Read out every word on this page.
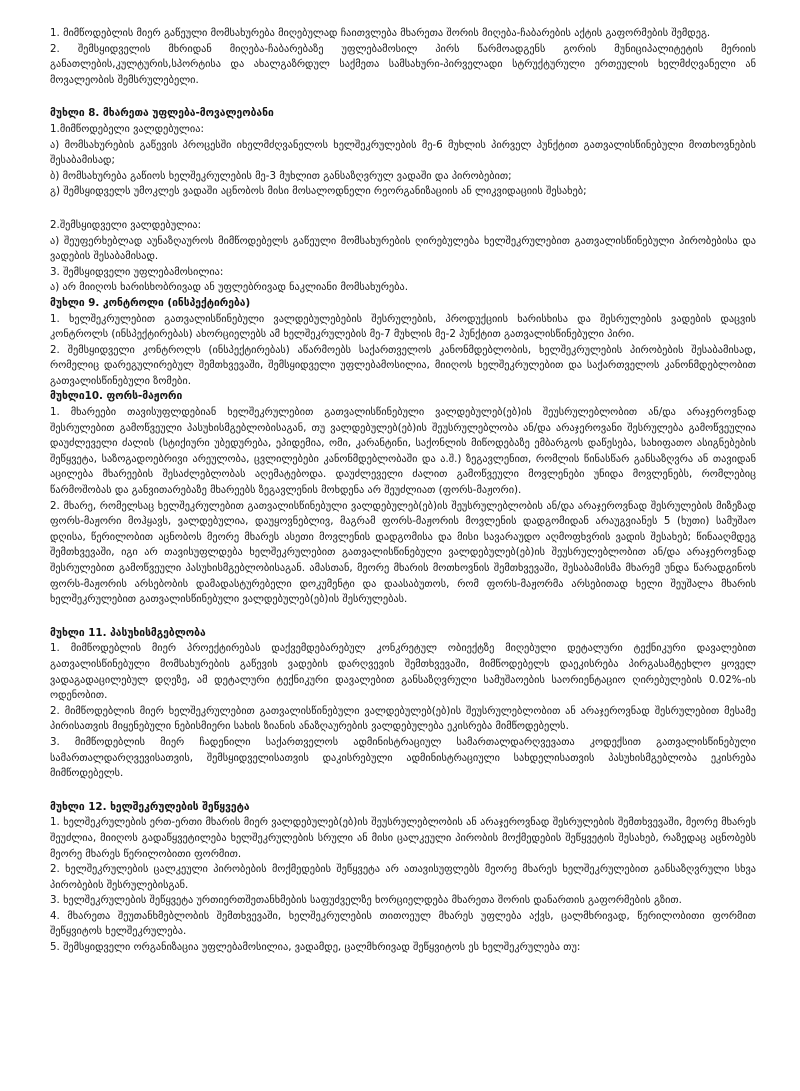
1. მიმწოდებლის მიერ გაწეული მომსახურება მიღებულად ჩაითვლება მხარეთა შორის მიღება-ჩაბარების აქტის გაფორმების შემდეგ.

2. შემსყიდველის მხრიდან მიღება-ჩაბარებაზე უფლებამოსილ პირს წარმოადგენს გორის მუნიციპალიტეტის მერიის განათლების,კულტურის,სპორტისა და ახალგაზრდულ საქმეთა სამსახური-პირველადი სტრუქტურული ერთეულის ხელმძღვანელი ან მოვალეობის შემსრულებელი.

მუხლი 8. მხარეთა უფლება-მოვალეობანი

1.მიმწოდებელი ვალდებულია:

ა) მომსახურების გაწევის პროცესში იხელმძღვანელოს ხელშეკრულების მე-6 მუხლის პირველ პუნქტით გათვალისწინებული მოთხოვნების შესაბამისად;

ბ) მომსახურება გაწიოს ხელშეკრულების მე-3 მუხლით განსაზღვრულ ვადაში და პირობებით;

გ) შემსყიდველს უმოკლეს ვადაში აცნობოს მისი მოსალოდნელი რეორგანიზაციის ან ლიკვიდაციის შესახებ;

2.შემსყიდველი ვალდებულია:

ა) შეუფერხებლად აუნაზღაუროს მიმწოდებელს გაწეული მომსახურების ღირებულება ხელშეკრულებით გათვალისწინებული პირობებისა და ვადების შესაბამისად.

3. შემსყიდველი უფლებამოსილია:

ა) არ მიიღოს ხარისხობრივად ან უფლებრივად ნაკლიანი მომსახურება.

მუხლი 9. კონტროლი (ინსპექტირება)

1. ხელშეკრულებით გათვალისწინებული ვალდებულებების შესრულების, პროდუქციის ხარისხისა და შესრულების ვადების დაცვის კონტროლს (ინსპექტირებას) ახორციელებს ამ ხელშეკრულების მე-7 მუხლის მე-2 პუნქტით გათვალისწინებული პირი.

2. შემსყიდველი კონტროლს (ინსპექტირებას) აწარმოებს საქართველოს კანონმდებლობის, ხელშეკრულების პირობების შესაბამისად, რომელიც დარეგულირებულ შემთხვევაში, შემსყიდველი უფლებამოსილია, მიიღოს ხელშეკრულებით და საქართველოს კანონმდებლობით გათვალისწინებული ზომები.

მუხლი10. ფორს-მაჟორი

1. მხარეები თავისუფლდებიან ხელშეკრულებით გათვალისწინებული ვალდებულებ(ებ)ის შეუსრულებლობით ან/და არაჯეროვნად შესრულებით გამოწვეული პასუხისმგებლობისაგან, თუ ვალდებულებ(ებ)ის შეუსრულებლობა ან/და არაჯეროვანი შესრულება გამოწვეულია დაუძლეველი ძალის (სტიქიური უბედურება, ეპიდემია, ომი, კარანტინი, საქონლის მიწოდებაზე ემბარგოს დაწესება, სახიფათო ასიგნებების შეწყვეტა, საზოგადოებრივი არეულობა, ცვლილებები კანონმდებლობაში და ა.შ.) ზეგავლენით, რომლის წინასწარ განსაზღვრა ან თავიდან აცილება მხარეების შესაძლებლობას აღემატებოდა. დაუძლეველი ძალით გამოწვეული მოვლენები უნიდა მოვლენებს, რომლებიც წარმოშობას და განვითარებაზე მხარეებს ზეგავლენის მოხდენა არ შეუძლიათ (ფორს-მაჟორი).

2. მხარე, რომელსაც ხელშეკრულებით გათვალისწინებული ვალდებულებ(ებ)ის შეუსრულებლობის ან/და არაჯეროვნად შესრულების მიზეზად ფორს-მაჟორი მოჰყავს, ვალდებულია, დაუყოვნებლივ, მაგრამ ფორს-მაჟორის მოვლენის დადგომიდან არაუგვიანეს 5 (ხუთი) სამუშაო დღისა, წერილობით აცნობოს მეორე მხარეს ასეთი მოვლენის დადგომისა და მისი სავარაუდო აღმოფხვრის ვადის შესახებ; წინააღმდეგ შემთხვევაში, იგი არ თავისუფლდება ხელშეკრულებით გათვალისწინებული ვალდებულებ(ებ)ის შეუსრულებლობით ან/და არაჯეროვნად შესრულებით გამოწვეული პასუხისმგებლობისაგან. ამასთან, მეორე მხარის მოთხოვნის შემთხვევაში, შესაბამისმა მხარემ უნდა წარადგინოს ფორს-მაჟორის არსებობის დამადასტურებელი დოკუმენტი და დაასაბუთოს, რომ ფორს-მაჟორმა არსებითად ხელი შეუშალა მხარის ხელშეკრულებით გათვალისწინებული ვალდებულებ(ებ)ის შესრულებას.

მუხლი 11. პასუხისმგებლობა

1. მიმწოდებლის მიერ პროექტირებას დაქვემდებარებულ კონკრეტულ ობიექტზე მიღებული დეტალური ტექნიკური დავალებით გათვალისწინებული მომსახურების გაწევის ვადების დარღვევის შემთხვევაში, მიმწოდებელს დაეკისრება პირგასამტეხლო ყოველ ვადაგადაცილებულ დღეზე, ამ დეტალური ტექნიკური დავალებით განსაზღვრული სამუშაოების საორიენტაციო ღირებულების 0.02%-ის ოდენობით.

2. მიმწოდებლის მიერ ხელშეკრულებით გათვალისწინებული ვალდებულებ(ებ)ის შეუსრულებლობით ან არაჯეროვნად შესრულებით მესამე პირისათვის მიყენებული ნებისმიერი სახის ზიანის ანაზღაურების ვალდებულება ეკისრება მიმწოდებელს.

3. მიმწოდებლის მიერ ჩადენილი საქართველოს ადმინისტრაციულ სამართალდარღვევათა კოდექსით გათვალისწინებული სამართალდარღვევისათვის, შემსყიდველისათვის დაკისრებული ადმინისტრაციული სახდელისათვის პასუხისმგებლობა ეკისრება მიმწოდებელს.

მუხლი 12. ხელშეკრულების შეწყვეტა

1. ხელშეკრულების ერთ-ერთი მხარის მიერ ვალდებულებ(ებ)ის შეუსრულებლობის ან არაჯეროვნად შესრულების შემთხვევაში, მეორე მხარეს შეუძლია, მიიღოს გადაწყვეტილება ხელშეკრულების სრული ან მისი ცალკეული პირობის მოქმედების შეწყვეტის შესახებ, რაზედაც აცნობებს მეორე მხარეს წერილობითი ფორმით.

2. ხელშეკრულების ცალკეული პირობების მოქმედების შეწყვეტა არ ათავისუფლებს მეორე მხარეს ხელშეკრულებით განსაზღვრული სხვა პირობების შესრულებისგან.

3. ხელშეკრულების შეწყვეტა ურთიერთშეთანხმების საფუძველზე ხორციელდება მხარეთა შორის დანართის გაფორმების გზით.

4. მხარეთა შეუთანხმებლობის შემთხვევაში, ხელშეკრულების თითოეულ მხარეს უფლება აქვს, ცალმხრივად, წერილობითი ფორმით შეწყვიტოს ხელშეკრულება.

5. შემსყიდველი ორგანიზაცია უფლებამოსილია, ვადამდე, ცალმხრივად შეწყვიტოს ეს ხელშეკრულება თუ:
